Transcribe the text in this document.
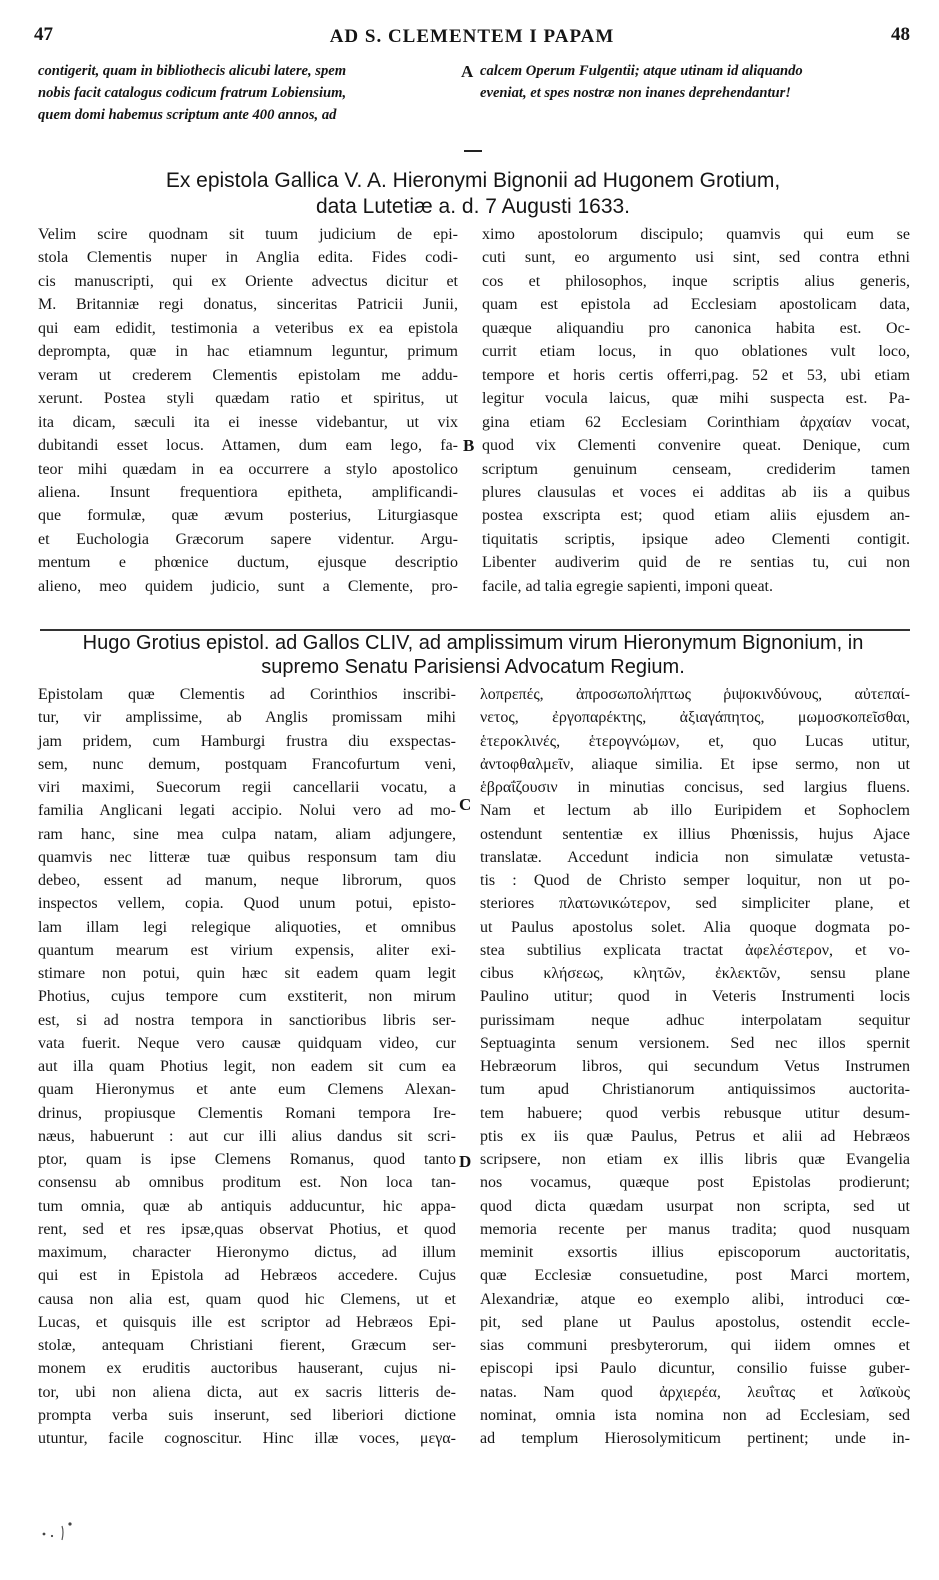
47	AD S. CLEMENTEM I PAPAM	48

contigerit, quam in bibliothecis alicubi latere, spem

nobis facit catalogus codicum fratrum Lobiensium,

quem domi habemus scriptum ante 400 annos, ad

A calcem Operum Fulgentii; atque utinam id aliquando

eveniat, et spes nostræ non inanes deprehendantur!

Ex epistola Gallica V. A. Hieronymi Bignonii ad Hugonem Grotium,
data Lutetiæ a. d. 7 Augusti 1633.

Velim scire quodnam sit tuum judicium de epi-

stola Clementis nuper in Anglia edita. Fides codi-

cis manuscripti, qui ex Oriente advectus dicitur et

M. Britanniæ regi donatus, sinceritas Patricii Junii,

qui eam edidit, testimonia a veteribus ex ea epistola

deprompta, quæ in hac etiamnum leguntur, primum

veram ut crederem Clementis epistolam me addu-

xerunt. Postea styli quædam ratio et spiritus, ut

ita dicam, sæculi ita ei inesse videbantur, ut vix

dubitandi esset locus. Attamen, dum eam lego, fa-

teor mihi quædam in ea occurrere a stylo apostolico

aliena. Insunt frequentiora epitheta, amplificandi-

que formulæ, quæ ævum posterius, Liturgiasque

et Euchologia Græcorum sapere videntur. Argu-

mentum e phœnice ductum, ejusque descriptio

alieno, meo quidem judicio, sunt a Clemente, pro-

B

ximo apostolorum discipulo; quamvis qui eum se

cuti sunt, eo argumento usi sint, sed contra ethni

cos et philosophos, inque scriptis alius generis,

quam est epistola ad Ecclesiam apostolicam data,

quæque aliquandiu pro canonica habita est. Oc-

currit etiam locus, in quo oblationes vult loco,

tempore et horis certis offerri,pag. 52 et 53, ubi etiam

legitur vocula laicus, quæ mihi suspecta est. Pa-

gina etiam 62 Ecclesiam Corinthiam ἀρχαίαν vocat,

quod vix Clementi convenire queat. Denique, cum

scriptum genuinum censeam, crediderim tamen

plures clausulas et voces ei additas ab iis a quibus

postea exscripta est; quod etiam aliis ejusdem an-

tiquitatis scriptis, ipsique adeo Clementi contigit.

Libenter audiverim quid de re sentias tu, cui non

facile, ad talia egregie sapienti, imponi queat.

Hugo Grotius epistol. ad Gallos CLIV, ad amplissimum virum Hieronymum Bignonium, in
supremo Senatu Parisiensi Advocatum Regium.

Epistolam quæ Clementis ad Corinthios inscribi-

tur, vir amplissime, ab Anglis promissam mihi

jam pridem, cum Hamburgi frustra diu exspectas-

sem, nunc demum, postquam Francofurtum veni,

viri maximi, Suecorum regii cancellarii vocatu, a

familia Anglicani legati accipio. Nolui vero ad mo-

ram hanc, sine mea culpa natam, aliam adjungere,

quamvis nec litteræ tuæ quibus responsum tam diu

debeo, essent ad manum, neque librorum, quos

inspectos vellem, copia. Quod unum potui, episto-

lam illam legi relegique aliquoties, et omnibus

quantum mearum est virium expensis, aliter exi-

stimare non potui, quin hæc sit eadem quam legit

Photius, cujus tempore cum exstiterit, non mirum

est, si ad nostra tempora in sanctioribus libris ser-

vata fuerit. Neque vero causæ quidquam video, cur

aut illa quam Photius legit, non eadem sit cum ea

quam Hieronymus et ante eum Clemens Alexan-

drinus, propiusque Clementis Romani tempora Ire-

næus, habuerunt : aut cur illi alius dandus sit scri-

ptor, quam is ipse Clemens Romanus, quod tanto

consensu ab omnibus proditum est. Non loca tan-

tum omnia, quæ ab antiquis adducuntur, hic appa-

rent, sed et res ipsæ,quas observat Photius, et quod

maximum, character Hieronymo dictus, ad illum

qui est in Epistola ad Hebræos accedere. Cujus

causa non alia est, quam quod hic Clemens, ut et

Lucas, et quisquis ille est scriptor ad Hebræos Epi-

stolæ, antequam Christiani fierent, Græcum ser-

monem ex eruditis auctoribus hauserant, cujus ni-

tor, ubi non aliena dicta, aut ex sacris litteris de-

prompta verba suis inserunt, sed liberiori dictione

utuntur, facile cognoscitur. Hinc illæ voces, μεγα-

C
D

λοπρεπές, ἀπροσωπολήπτως ῥιψοκινδύνους, αὐτεπαί-

νετος, ἐργοπαρέκτης, ἀξιαγάπητος, μωμοσκοπεῖσθαι,

ἑτεροκλινές, ἑτερογνώμων, et, quo Lucas utitur,

ἀντοφθαλμεῖν, aliaque similia. Et ipse sermo, non ut

ἑβραΐζουσιν in minutias concisus, sed largius fluens.

Nam et lectum ab illo Euripidem et Sophoclem

ostendunt sententiæ ex illius Phœnissis, hujus Ajace

translatæ. Accedunt indicia non simulatæ vetusta-

tis : Quod de Christo semper loquitur, non ut po-

steriores πλατωνικώτερον, sed simpliciter plane, et

ut Paulus apostolus solet. Alia quoque dogmata po-

stea subtilius explicata tractat ἀφελέστερον, et vo-

cibus κλήσεως, κλητῶν, ἐκλεκτῶν, sensu plane

Paulino utitur; quod in Veteris Instrumenti locis

purissimam neque adhuc interpolatam sequitur

Septuaginta senum versionem. Sed nec illos spernit

Hebræorum libros, qui secundum Vetus Instrumen

tum apud Christianorum antiquissimos auctorita-

tem habuere; quod verbis rebusque utitur desum-

ptis ex iis quæ Paulus, Petrus et alii ad Hebræos

scripsere, non etiam ex illis libris quæ Evangelia

nos vocamus, quæque post Epistolas prodierunt;

quod dicta quædam usurpat non scripta, sed ut

memoria recente per manus tradita; quod nusquam

meminit exsortis illius episcoporum auctoritatis,

quæ Ecclesiæ consuetudine, post Marci mortem,

Alexandriæ, atque eo exemplo alibi, introduci cœ-

pit, sed plane ut Paulus apostolus, ostendit eccle-

sias communi presbyterorum, qui iidem omnes et

episcopi ipsi Paulo dicuntur, consilio fuisse guber-

natas. Nam quod ἀρχιερέα, λευΐτας et λαϊκοὺς

nominat, omnia ista nomina non ad Ecclesiam, sed

ad templum Hierosolymiticum pertinent; unde in-
